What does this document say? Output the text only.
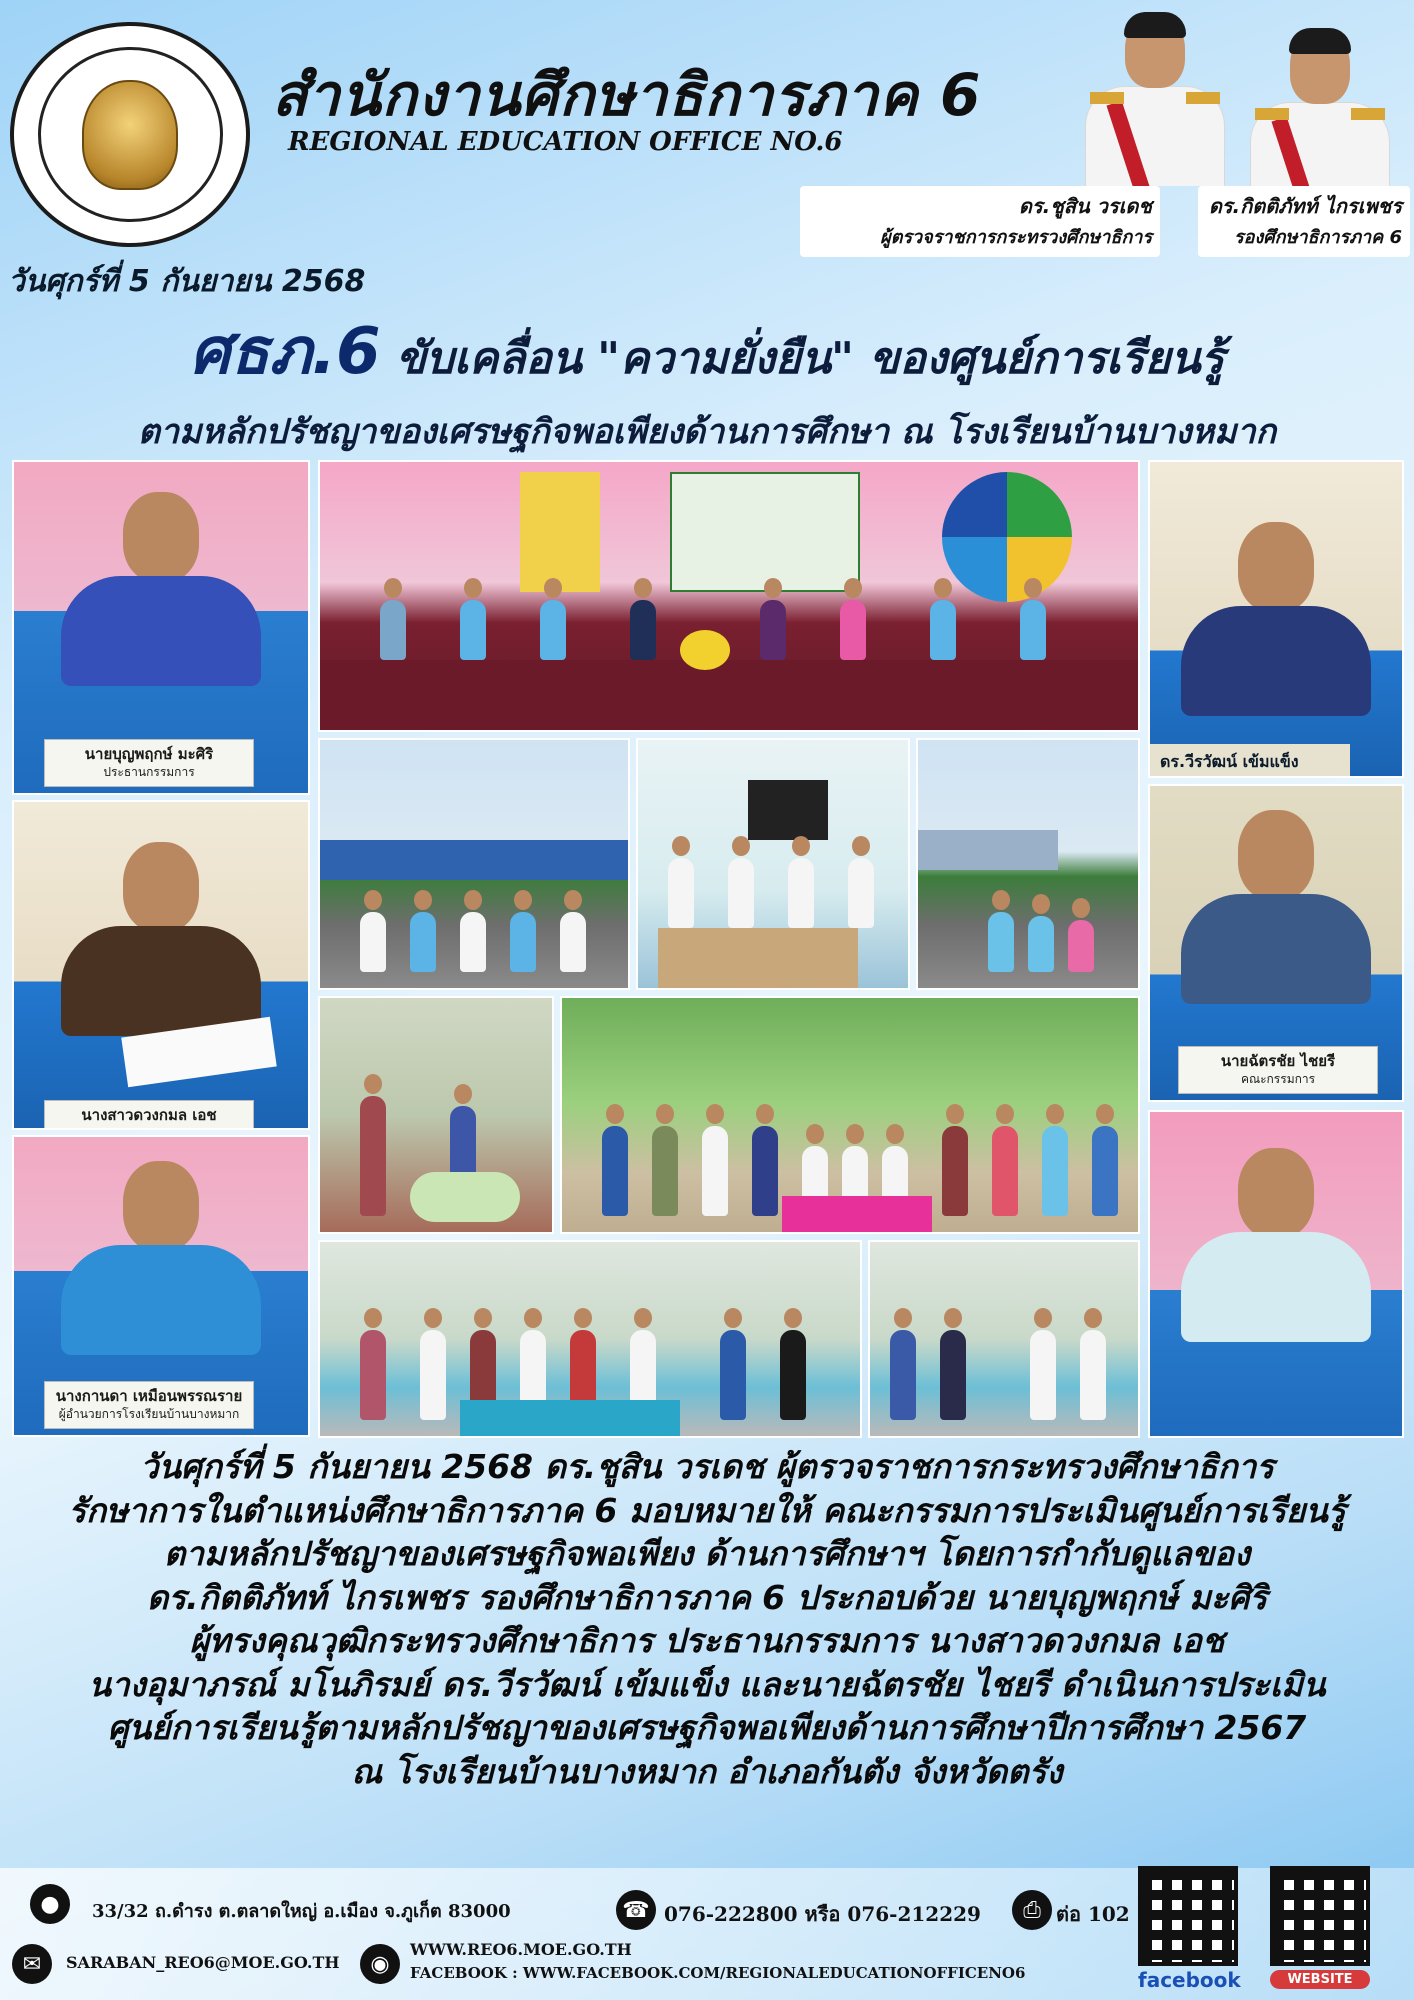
สำนักงานศึกษาธิการภาค 6
REGIONAL EDUCATION OFFICE NO.6
ดร.ชูสิน วรเดช
ผู้ตรวจราชการกระทรวงศึกษาธิการ
ดร.กิตติภัทท์ ไกรเพชร
รองศึกษาธิการภาค 6
วันศุกร์ที่ 5 กันยายน 2568
ศธภ.6 ขับเคลื่อน "ความยั่งยืน" ของศูนย์การเรียนรู้
ตามหลักปรัชญาของเศรษฐกิจพอเพียงด้านการศึกษา ณ โรงเรียนบ้านบางหมาก
นายบุญพฤกษ์ มะศิริ
ประธานกรรมการ
นางสาวดวงกมล เอช
นางกานดา เหมือนพรรณราย
ผู้อำนวยการโรงเรียนบ้านบางหมาก
ดร.วีรวัฒน์ เข้มแข็ง
นายฉัตรชัย ไชยรี
คณะกรรมการ
วันศุกร์ที่ 5 กันยายน 2568 ดร.ชูสิน วรเดช ผู้ตรวจราชการกระทรวงศึกษาธิการ
รักษาการในตำแหน่งศึกษาธิการภาค 6 มอบหมายให้ คณะกรรมการประเมินศูนย์การเรียนรู้
ตามหลักปรัชญาของเศรษฐกิจพอเพียง ด้านการศึกษาฯ โดยการกำกับดูแลของ
ดร.กิตติภัทท์ ไกรเพชร รองศึกษาธิการภาค 6 ประกอบด้วย นายบุญพฤกษ์ มะศิริ
ผู้ทรงคุณวุฒิกระทรวงศึกษาธิการ ประธานกรรมการ นางสาวดวงกมล เอช
นางอุมาภรณ์ มโนภิรมย์ ดร.วีรวัฒน์ เข้มแข็ง และนายฉัตรชัย ไชยรี ดำเนินการประเมิน
ศูนย์การเรียนรู้ตามหลักปรัชญาของเศรษฐกิจพอเพียงด้านการศึกษาปีการศึกษา 2567
ณ โรงเรียนบ้านบางหมาก อำเภอกันตัง จังหวัดตรัง
●	33/32 ถ.ดำรง ต.ตลาดใหญ่ อ.เมือง จ.ภูเก็ต 83000	☎ 076-222800 หรือ 076-212229	⎙ ต่อ 102
✉	SARABAN_REO6@MOE.GO.TH	◉
WWW.REO6.MOE.GO.TH
FACEBOOK : WWW.FACEBOOK.COM/REGIONALEDUCATIONOFFICENO6	facebook	WEBSITE
